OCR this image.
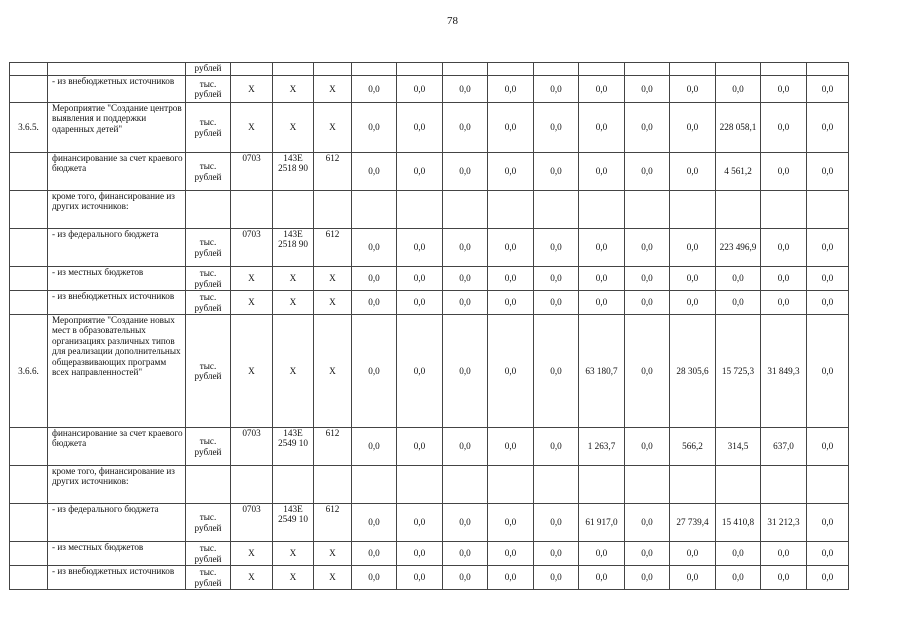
78
		рублей														
	- из внебюджетных источников	тыс. рублей	Х	Х	Х	0,0	0,0	0,0	0,0	0,0	0,0	0,0	0,0	0,0	0,0	0,0
3.6.5.	Мероприятие "Создание центров выявления и поддержки одаренных детей"	тыс. рублей	Х	Х	Х	0,0	0,0	0,0	0,0	0,0	0,0	0,0	0,0	228 058,1	0,0	0,0
	финансирование за счет краевого бюджета	тыс. рублей	0703	143Е 2518 90	612	0,0	0,0	0,0	0,0	0,0	0,0	0,0	0,0	4 561,2	0,0	0,0
	кроме того, финансирование из других источников:															
	- из федерального бюджета	тыс. рублей	0703	143Е 2518 90	612	0,0	0,0	0,0	0,0	0,0	0,0	0,0	0,0	223 496,9	0,0	0,0
	- из местных бюджетов	тыс. рублей	Х	Х	Х	0,0	0,0	0,0	0,0	0,0	0,0	0,0	0,0	0,0	0,0	0,0
	- из внебюджетных источников	тыс. рублей	Х	Х	Х	0,0	0,0	0,0	0,0	0,0	0,0	0,0	0,0	0,0	0,0	0,0
3.6.6.	Мероприятие "Создание новых мест в образовательных организациях различных типов для реализации дополнительных общеразвивающих программ всех направленностей"	тыс. рублей	Х	Х	Х	0,0	0,0	0,0	0,0	0,0	63 180,7	0,0	28 305,6	15 725,3	31 849,3	0,0
	финансирование за счет краевого бюджета	тыс. рублей	0703	143Е 2549 10	612	0,0	0,0	0,0	0,0	0,0	1 263,7	0,0	566,2	314,5	637,0	0,0
	кроме того, финансирование из других источников:															
	- из федерального бюджета	тыс. рублей	0703	143Е 2549 10	612	0,0	0,0	0,0	0,0	0,0	61 917,0	0,0	27 739,4	15 410,8	31 212,3	0,0
	- из местных бюджетов	тыс. рублей	Х	Х	Х	0,0	0,0	0,0	0,0	0,0	0,0	0,0	0,0	0,0	0,0	0,0
	- из внебюджетных источников	тыс. рублей	Х	Х	Х	0,0	0,0	0,0	0,0	0,0	0,0	0,0	0,0	0,0	0,0	0,0
